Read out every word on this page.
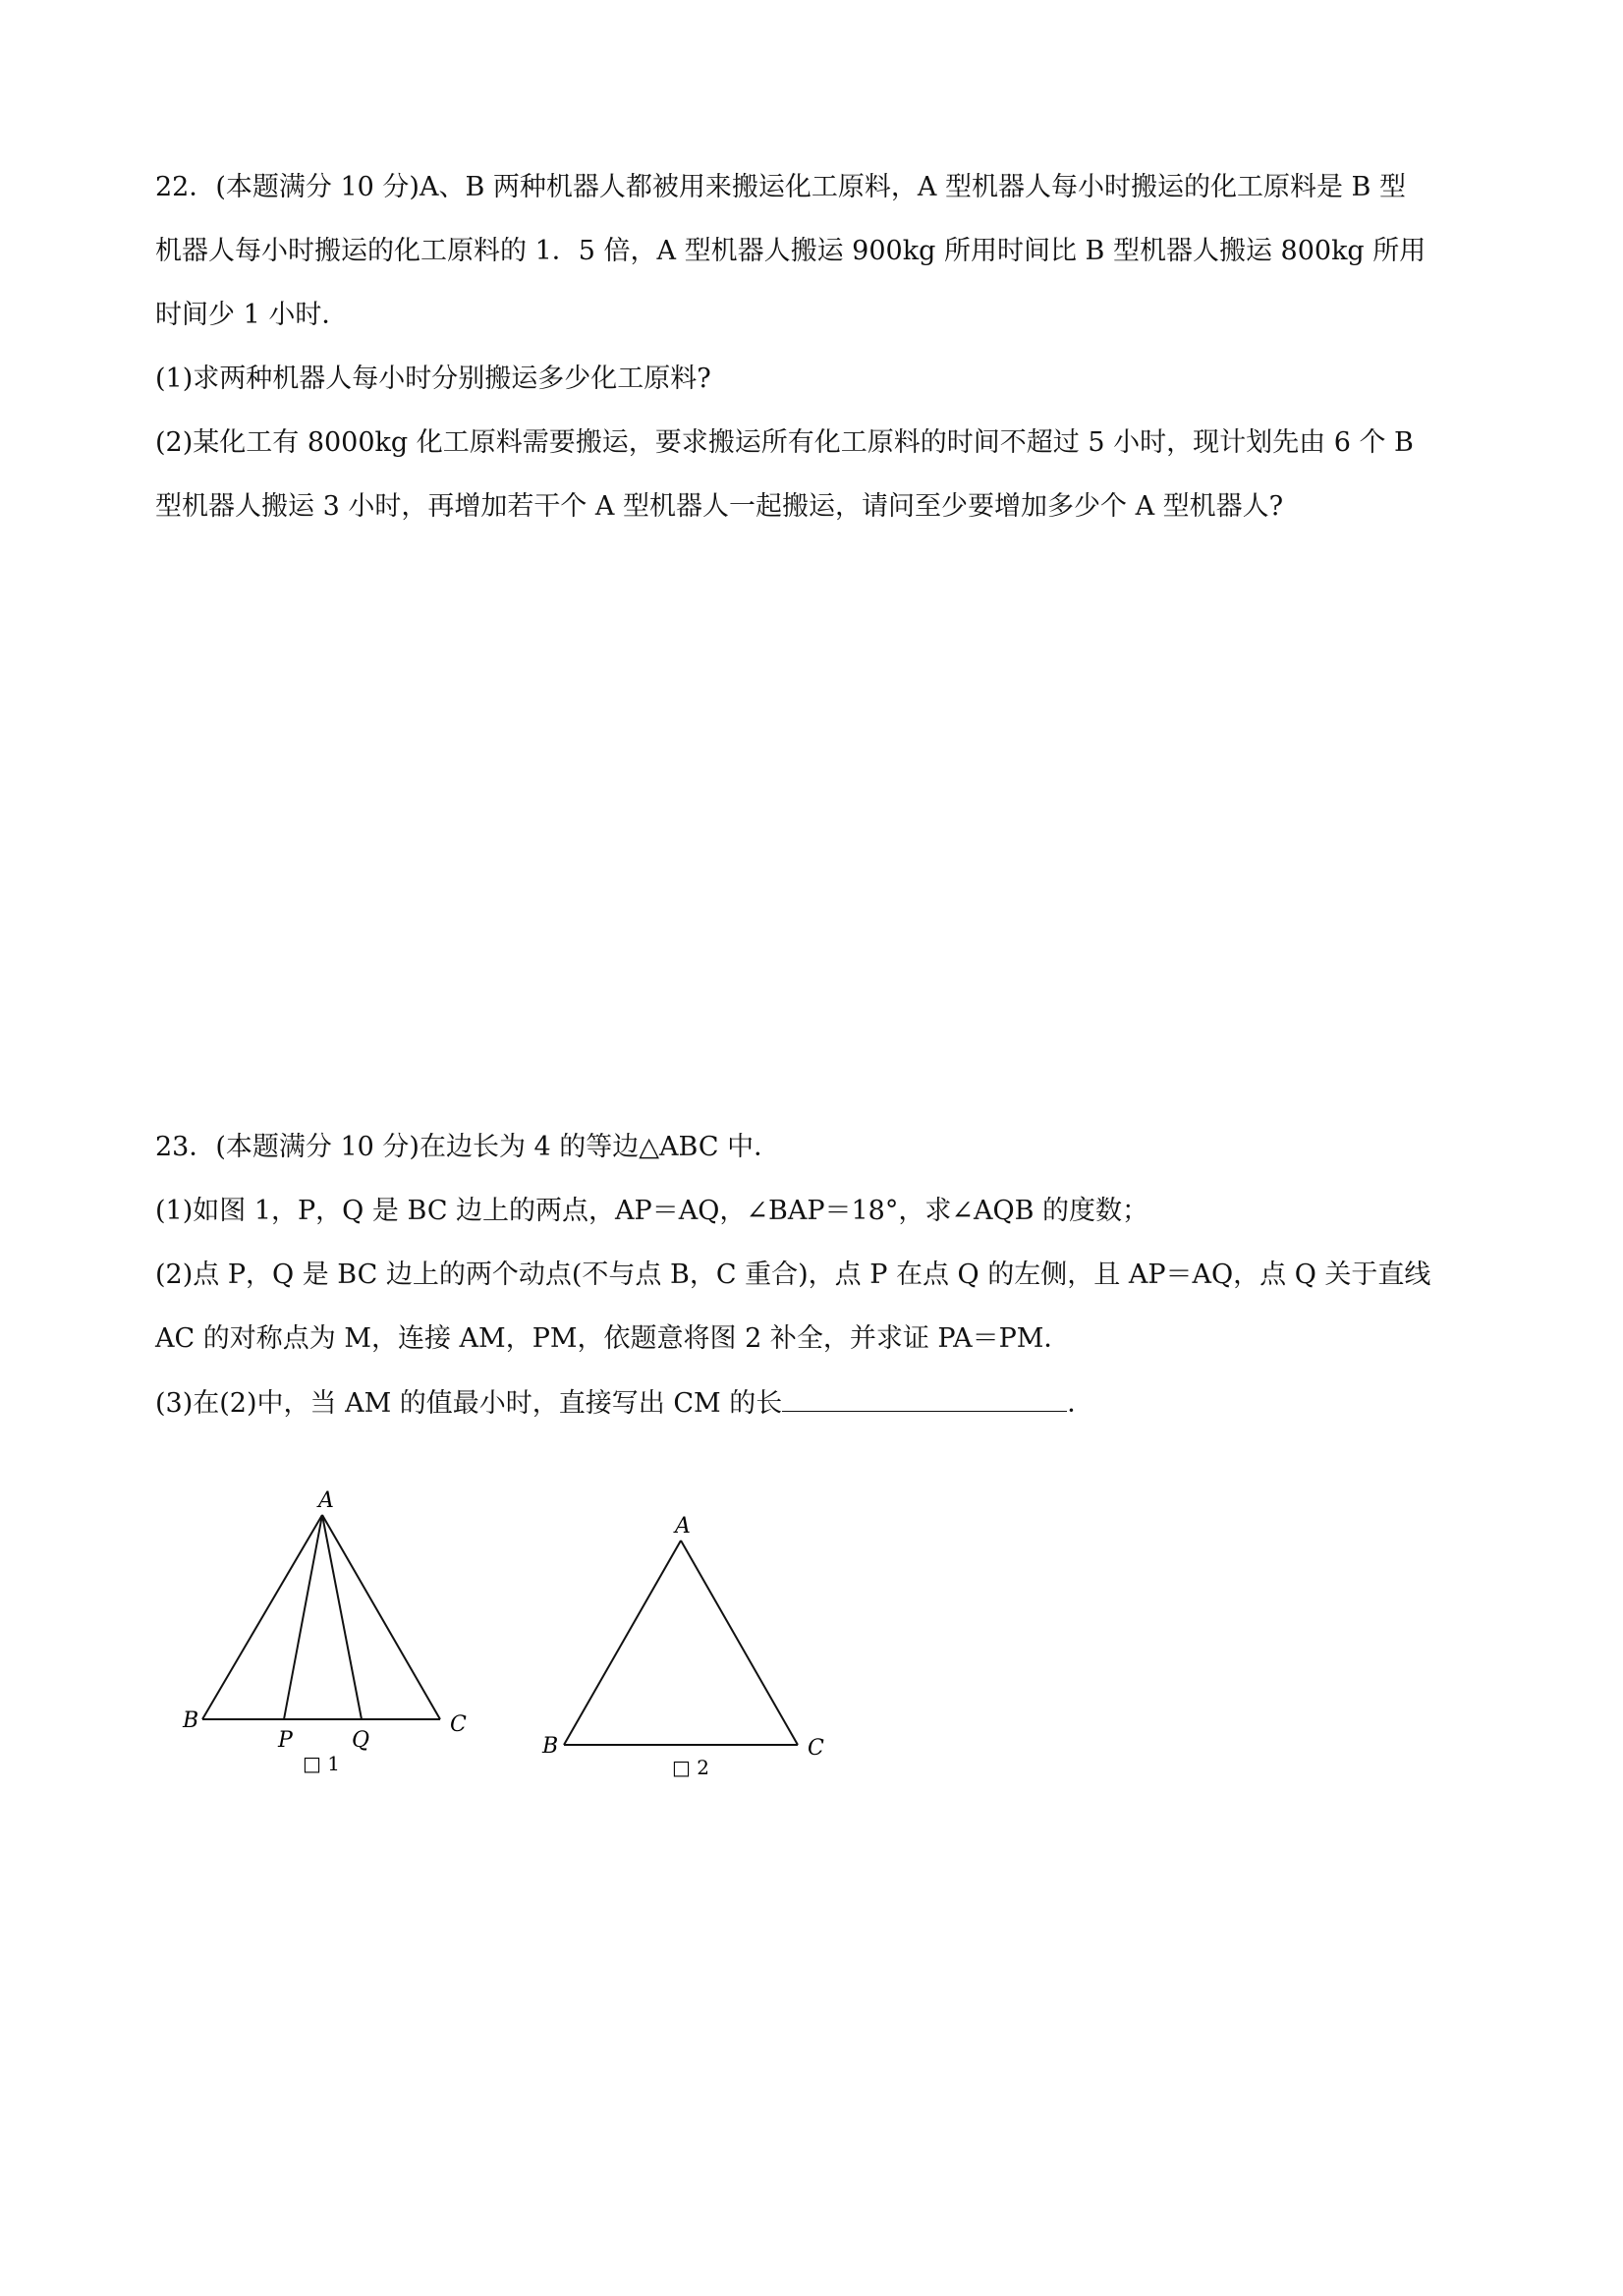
22．(本题满分 10 分)A、B 两种机器人都被用来搬运化工原料，A 型机器人每小时搬运的化工原料是 B 型
机器人每小时搬运的化工原料的 1．5 倍，A 型机器人搬运 900kg 所用时间比 B 型机器人搬运 800kg 所用
时间少 1 小时．
(1)求两种机器人每小时分别搬运多少化工原料?
(2)某化工有 8000kg 化工原料需要搬运，要求搬运所有化工原料的时间不超过 5 小时，现计划先由 6 个 B
型机器人搬运 3 小时，再增加若干个 A 型机器人一起搬运，请问至少要增加多少个 A 型机器人?
23．(本题满分 10 分)在边长为 4 的等边△ABC 中．
(1)如图 1，P，Q 是 BC 边上的两点，AP＝AQ，∠BAP＝18°，求∠AQB 的度数；
(2)点 P，Q 是 BC 边上的两个动点(不与点 B，C 重合)，点 P 在点 Q 的左侧，且 AP＝AQ，点 Q 关于直线
AC 的对称点为 M，连接 AM，PM，依题意将图 2 补全，并求证 PA＝PM．
(3)在(2)中，当 AM 的值最小时，直接写出 CM 的长	．
A
B	C
P	Q
□ 1
A
B	C
□ 2
